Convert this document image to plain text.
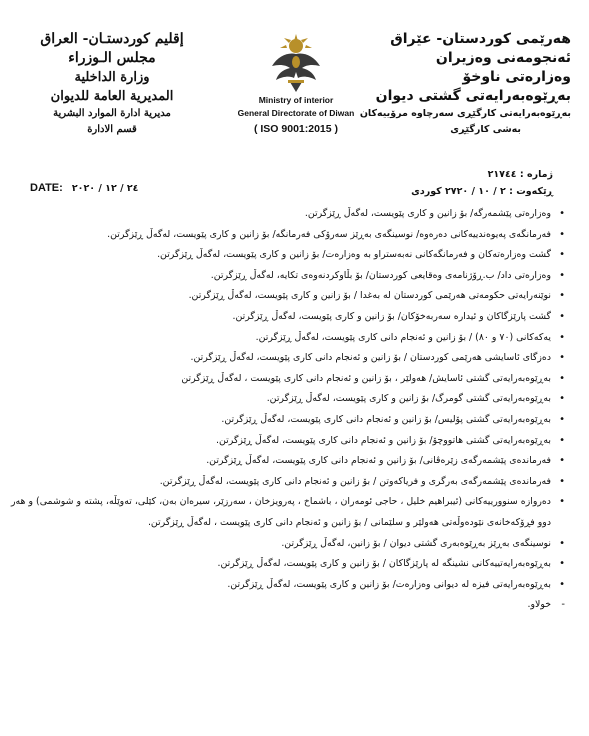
هەرێمی کوردستان- عێراق
ئەنجومەنی وەزیران
وەزارەتی ناوخۆ
بەڕێوەبەرایەتی گشتی دیوان
بەڕێوەبەرایەتی کارگێڕی سەرچاوە مرۆییەکان
بەشی کارگێڕی
Ministry of interior
General Directorate of Diwan
( ISO 9001:2015 )
إقليم كوردستـان- العراق
مجلس الـوزراء
وزارة الداخلية
المديرية العامة للديوان
مديرية ادارة الموارد البشرية
قسم الادارة
ژمارە : ٢١٧٤٤
ڕێکەوت : ٢ / ١٠ / ٢٧٢٠ کوردی
DATE: ٢٤ / ١٢ / ٢٠٢٠
•
وەزارەتی پێشمەرگە/ بۆ زانین و کاری پێویست، لەگەڵ ڕێزگرتن.
•
فەرمانگەی پەیوەندییەکانی دەرەوە/ نوسینگەی بەڕێز سەرۆکی فەرمانگە/ بۆ زانین و کاری پێویست، لەگەڵ ڕێزگرتن.
•
گشت وەزارەتەکان و فەرمانگەکانی نەبەستراو بە وەزارەت/ بۆ زانین و کاری پێویست، لەگەڵ ڕێزگرتن.
•
وەزارەتی داد/ ب.ڕۆژنامەی وەقایعی کوردستان/ بۆ بڵاوکردنەوەی تکایە، لەگەڵ ڕێزگرتن.
•
نوێنەرایەتی حکومەتی هەرێمی کوردستان لە بەغدا / بۆ زانین و کاری پێویست، لەگەڵ ڕێزگرتن.
•
گشت پارێزگاکان و ئیدارە سەربەخۆکان/ بۆ زانین و کاری پێویست، لەگەڵ ڕێزگرتن.
•
یەکەکانی (٧٠ و ٨٠) / بۆ زانین و ئەنجام دانی کاری پێویست، لەگەڵ ڕێزگرتن.
•
دەزگای ئاسایشی هەرێمی کوردستان / بۆ زانین و ئەنجام دانی کاری پێویست، لەگەڵ ڕێزگرتن.
•
بەڕێوەبەرایەتی گشتی ئاسایش/ هەولێر ، بۆ زانین و ئەنجام دانی کاری پێویست ، لەگەڵ ڕێزگرتن
•
بەڕێوەبەرایەتی گشتی گومرگ/ بۆ زانین و کاری پێویست، لەگەڵ ڕێزگرتن.
•
بەڕێوەبەرایەتی گشتی پۆلیس/ بۆ زانین و ئەنجام دانی کاری پێویست، لەگەڵ ڕێزگرتن.
•
بەڕێوەبەرایەتی گشتی هاتووچۆ/ بۆ زانین و ئەنجام دانی کاری پێویست، لەگەڵ ڕێزگرتن.
•
فەرماندەی پێشمەرگەی زێرەڤانی/ بۆ زانین و ئەنجام دانی کاری پێویست، لەگەڵ ڕێزگرتن.
•
فەرماندەی پێشمەرگەی بەرگری و فریاکەوتن / بۆ زانین و ئەنجام دانی کاری پێویست، لەگەڵ ڕێزگرتن.
•
دەروازە سنوورییەکانی (ئیبراهیم خلیل ، حاجی ئومەران ، باشماخ ، پەرویزخان ، سەرزێر، سیرەان بەن، کێلی، تەوێڵە، پشتە و شوشمی) و هەر دوو فڕۆکەخانەی نێودەوڵەتی هەولێر و سلێمانی / بۆ زانین و ئەنجام دانی کاری پێویست ، لەگەڵ ڕێزگرتن.
•
نوسینگەی بەڕێز بەڕێوەبەری گشتی دیوان / بۆ زانین، لەگەڵ ڕێزگرتن.
•
بەڕێوەبەرایەتییەکانی نشینگە لە پارێزگاکان / بۆ زانین و کاری پێویست، لەگەڵ ڕێزگرتن.
•
بەڕێوەبەرایەتی فیزە لە دیوانی وەزارەت/ بۆ زانین و کاری پێویست، لەگەڵ ڕێزگرتن.
-
خولاو.
